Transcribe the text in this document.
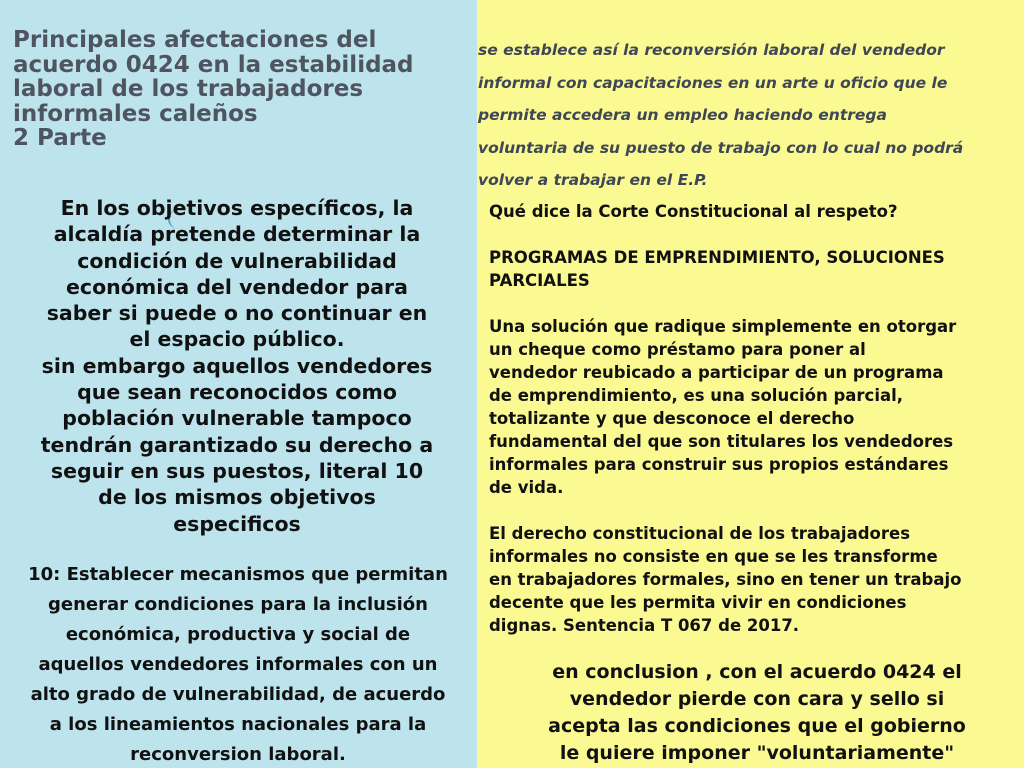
Principales afectaciones del
acuerdo 0424 en la estabilidad
laboral de los trabajadores
informales caleños
2 Parte
En los objetivos específicos, la
alcaldía pretende determinar la
condición de vulnerabilidad
económica del vendedor para
saber si puede o no continuar en
el espacio público.
sin embargo aquellos vendedores
que sean reconocidos como
población vulnerable tampoco
tendrán garantizado su derecho a
seguir en sus puestos, literal 10
de los mismos objetivos
especificos
10: Establecer mecanismos que permitan
generar condiciones para la inclusión
económica, productiva y social de
aquellos vendedores informales con un
alto grado de vulnerabilidad, de acuerdo
a los lineamientos nacionales para la
reconversion laboral.
se establece así la reconversión laboral del vendedor
informal con capacitaciones en un arte u oficio que le
permite accedera un empleo haciendo entrega
voluntaria de su puesto de trabajo con lo cual no podrá
volver a trabajar en el E.P.
Qué dice la Corte Constitucional al respeto?
PROGRAMAS DE EMPRENDIMIENTO, SOLUCIONES
PARCIALES
Una solución que radique simplemente en otorgar
un cheque como préstamo para poner al
vendedor reubicado a participar de un programa
de emprendimiento, es una solución parcial,
totalizante y que desconoce el derecho
fundamental del que son titulares los vendedores
informales para construir sus propios estándares
de vida.
El derecho constitucional de los trabajadores
informales no consiste en que se les transforme
en trabajadores formales, sino en tener un trabajo
decente que les permita vivir en condiciones
dignas. Sentencia T 067 de 2017.
en conclusion , con el acuerdo 0424 el
vendedor pierde con cara y sello si
acepta las condiciones que el gobierno
le quiere imponer "voluntariamente"
